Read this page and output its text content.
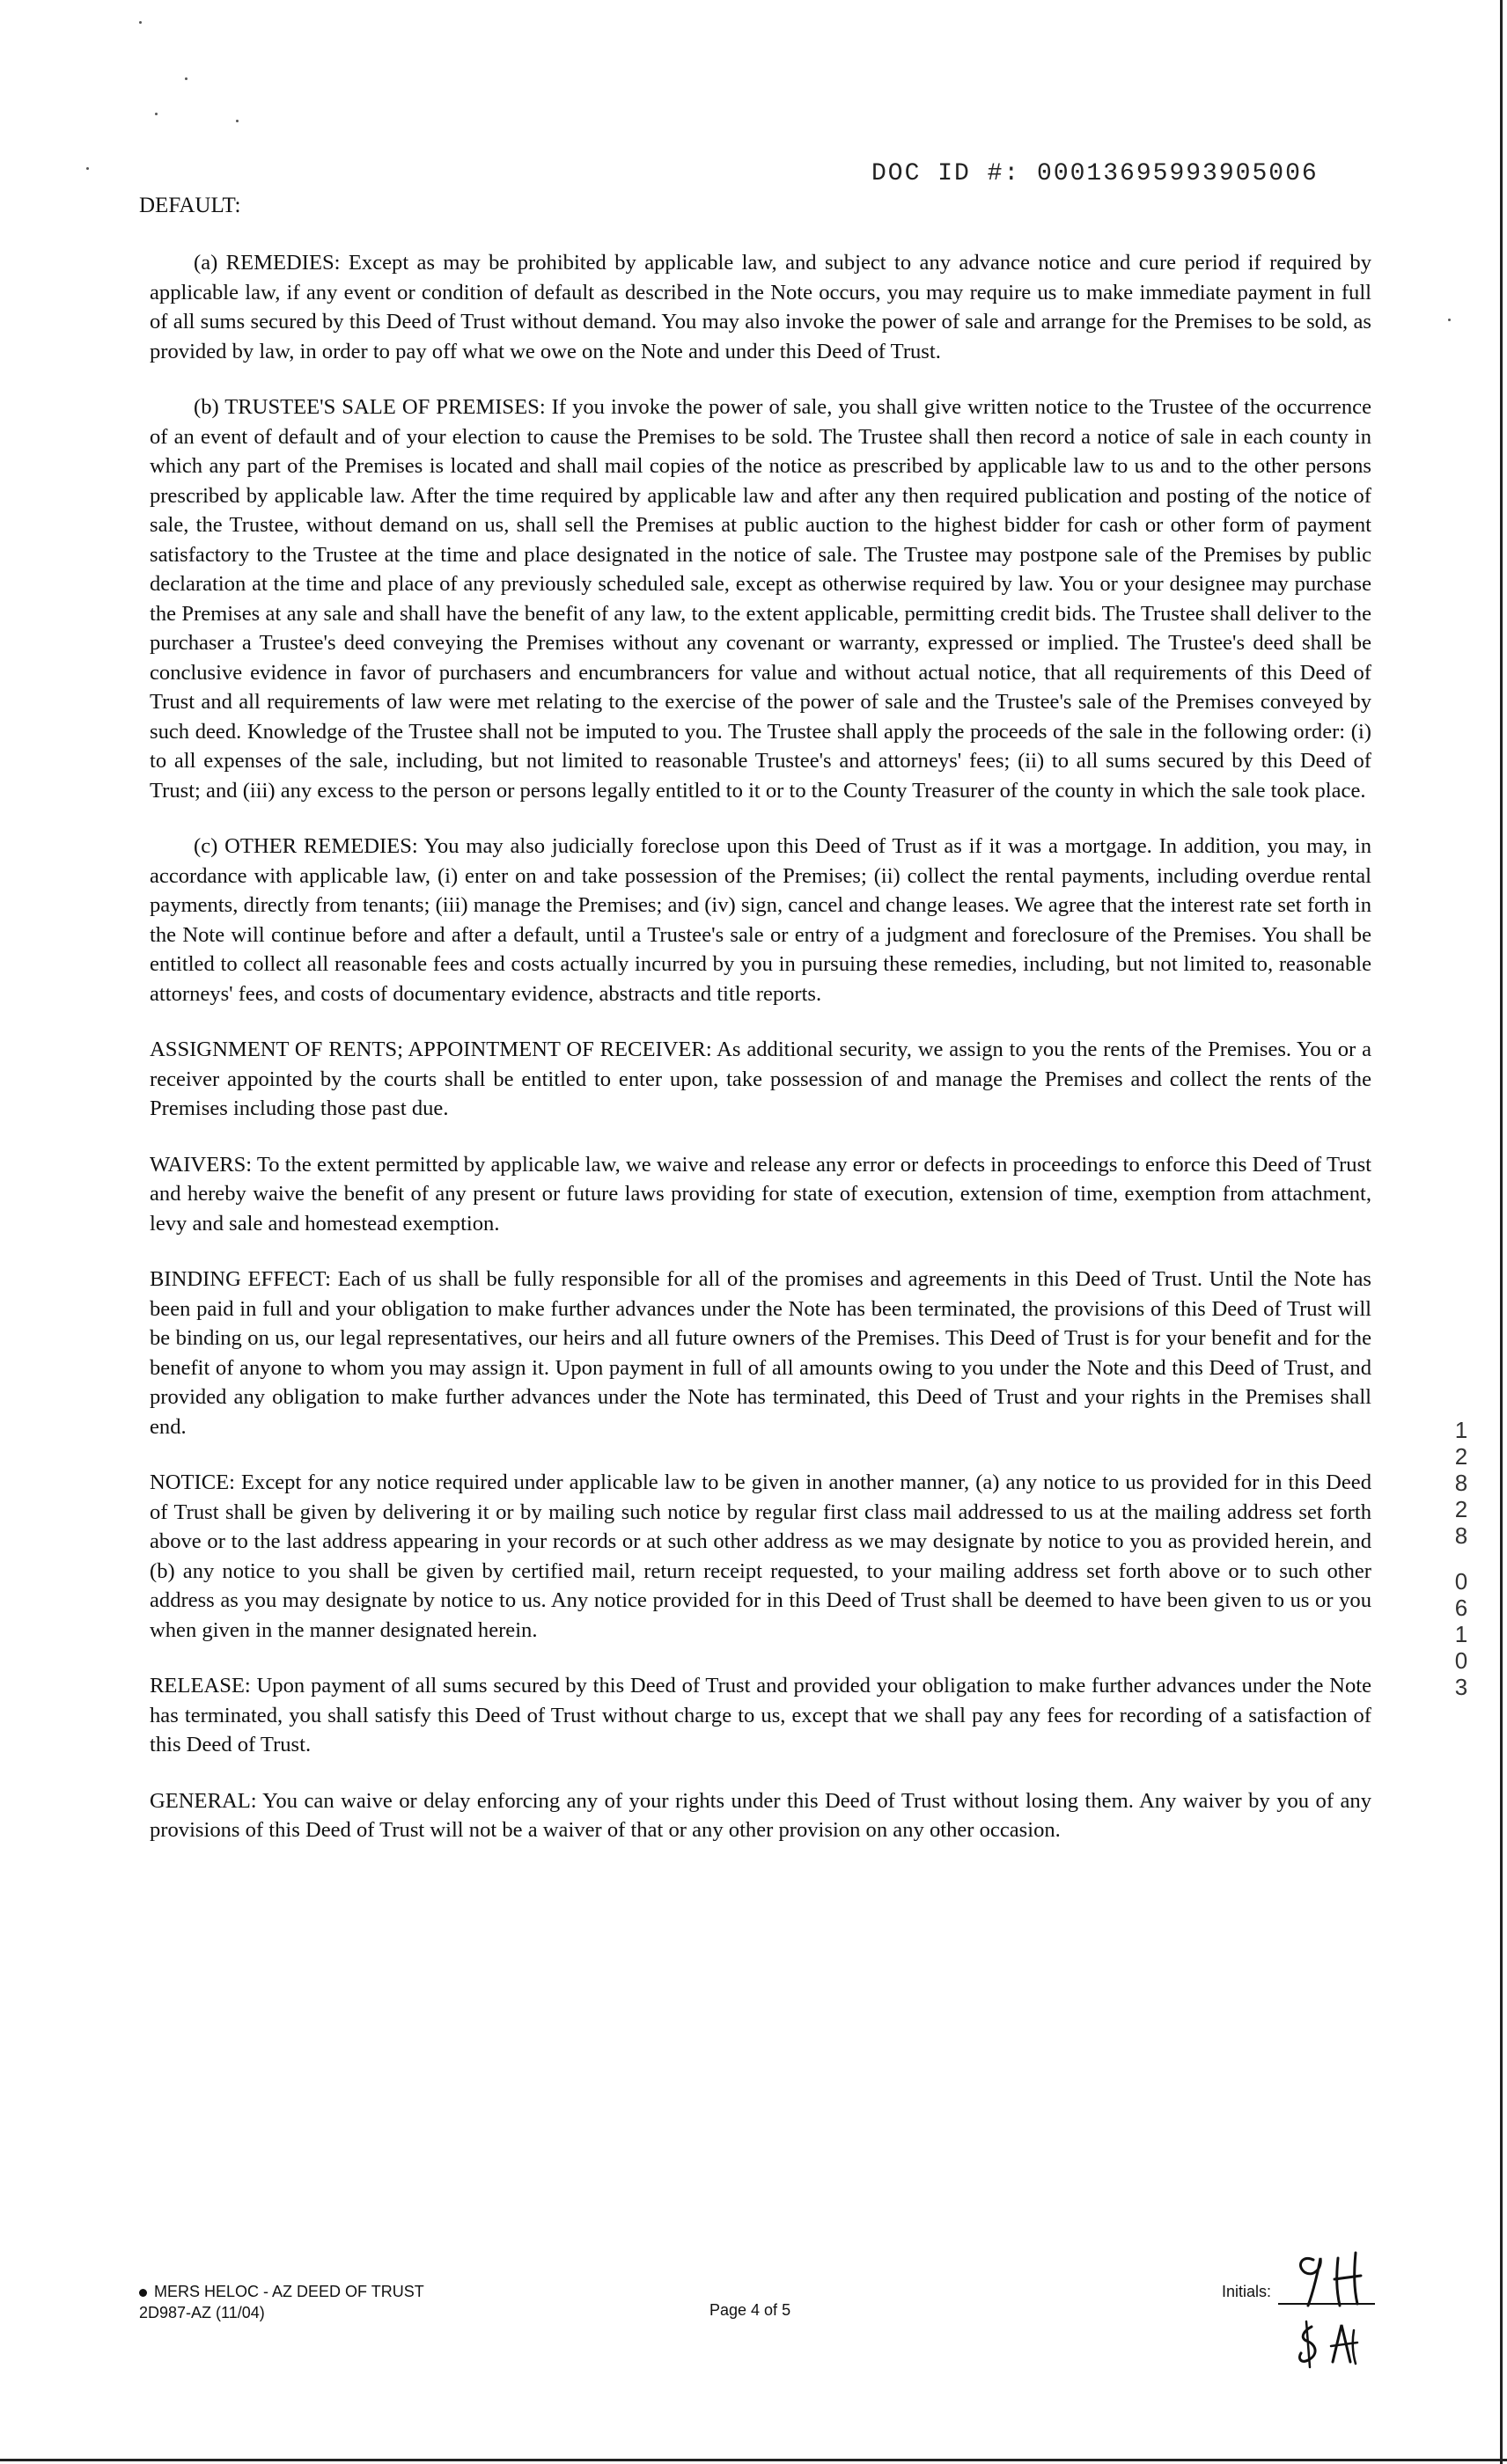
DOC ID #: 00013695993905006
DEFAULT:

(a) REMEDIES: Except as may be prohibited by applicable law, and subject to any advance notice and cure period if required by applicable law, if any event or condition of default as described in the Note occurs, you may require us to make immediate payment in full of all sums secured by this Deed of Trust without demand. You may also invoke the power of sale and arrange for the Premises to be sold, as provided by law, in order to pay off what we owe on the Note and under this Deed of Trust.

(b) TRUSTEE'S SALE OF PREMISES: If you invoke the power of sale, you shall give written notice to the Trustee of the occurrence of an event of default and of your election to cause the Premises to be sold. The Trustee shall then record a notice of sale in each county in which any part of the Premises is located and shall mail copies of the notice as prescribed by applicable law to us and to the other persons prescribed by applicable law. After the time required by applicable law and after any then required publication and posting of the notice of sale, the Trustee, without demand on us, shall sell the Premises at public auction to the highest bidder for cash or other form of payment satisfactory to the Trustee at the time and place designated in the notice of sale. The Trustee may postpone sale of the Premises by public declaration at the time and place of any previously scheduled sale, except as otherwise required by law. You or your designee may purchase the Premises at any sale and shall have the benefit of any law, to the extent applicable, permitting credit bids. The Trustee shall deliver to the purchaser a Trustee's deed conveying the Premises without any covenant or warranty, expressed or implied. The Trustee's deed shall be conclusive evidence in favor of purchasers and encumbrancers for value and without actual notice, that all requirements of this Deed of Trust and all requirements of law were met relating to the exercise of the power of sale and the Trustee's sale of the Premises conveyed by such deed. Knowledge of the Trustee shall not be imputed to you. The Trustee shall apply the proceeds of the sale in the following order: (i) to all expenses of the sale, including, but not limited to reasonable Trustee's and attorneys' fees; (ii) to all sums secured by this Deed of Trust; and (iii) any excess to the person or persons legally entitled to it or to the County Treasurer of the county in which the sale took place.

(c) OTHER REMEDIES: You may also judicially foreclose upon this Deed of Trust as if it was a mortgage. In addition, you may, in accordance with applicable law, (i) enter on and take possession of the Premises; (ii) collect the rental payments, including overdue rental payments, directly from tenants; (iii) manage the Premises; and (iv) sign, cancel and change leases. We agree that the interest rate set forth in the Note will continue before and after a default, until a Trustee's sale or entry of a judgment and foreclosure of the Premises. You shall be entitled to collect all reasonable fees and costs actually incurred by you in pursuing these remedies, including, but not limited to, reasonable attorneys' fees, and costs of documentary evidence, abstracts and title reports.

ASSIGNMENT OF RENTS; APPOINTMENT OF RECEIVER: As additional security, we assign to you the rents of the Premises. You or a receiver appointed by the courts shall be entitled to enter upon, take possession of and manage the Premises and collect the rents of the Premises including those past due.

WAIVERS: To the extent permitted by applicable law, we waive and release any error or defects in proceedings to enforce this Deed of Trust and hereby waive the benefit of any present or future laws providing for state of execution, extension of time, exemption from attachment, levy and sale and homestead exemption.

BINDING EFFECT: Each of us shall be fully responsible for all of the promises and agreements in this Deed of Trust. Until the Note has been paid in full and your obligation to make further advances under the Note has been terminated, the provisions of this Deed of Trust will be binding on us, our legal representatives, our heirs and all future owners of the Premises. This Deed of Trust is for your benefit and for the benefit of anyone to whom you may assign it. Upon payment in full of all amounts owing to you under the Note and this Deed of Trust, and provided any obligation to make further advances under the Note has terminated, this Deed of Trust and your rights in the Premises shall end.

NOTICE: Except for any notice required under applicable law to be given in another manner, (a) any notice to us provided for in this Deed of Trust shall be given by delivering it or by mailing such notice by regular first class mail addressed to us at the mailing address set forth above or to the last address appearing in your records or at such other address as we may designate by notice to you as provided herein, and (b) any notice to you shall be given by certified mail, return receipt requested, to your mailing address set forth above or to such other address as you may designate by notice to us. Any notice provided for in this Deed of Trust shall be deemed to have been given to us or you when given in the manner designated herein.

RELEASE: Upon payment of all sums secured by this Deed of Trust and provided your obligation to make further advances under the Note has terminated, you shall satisfy this Deed of Trust without charge to us, except that we shall pay any fees for recording of a satisfaction of this Deed of Trust.

GENERAL: You can waive or delay enforcing any of your rights under this Deed of Trust without losing them. Any waiver by you of any provisions of this Deed of Trust will not be a waiver of that or any other provision on any other occasion.

1
2
8
2
8
0
6
1
0
3
MERS HELOC - AZ DEED OF TRUST
2D987-AZ (11/04)	Page 4 of 5
Initials:
